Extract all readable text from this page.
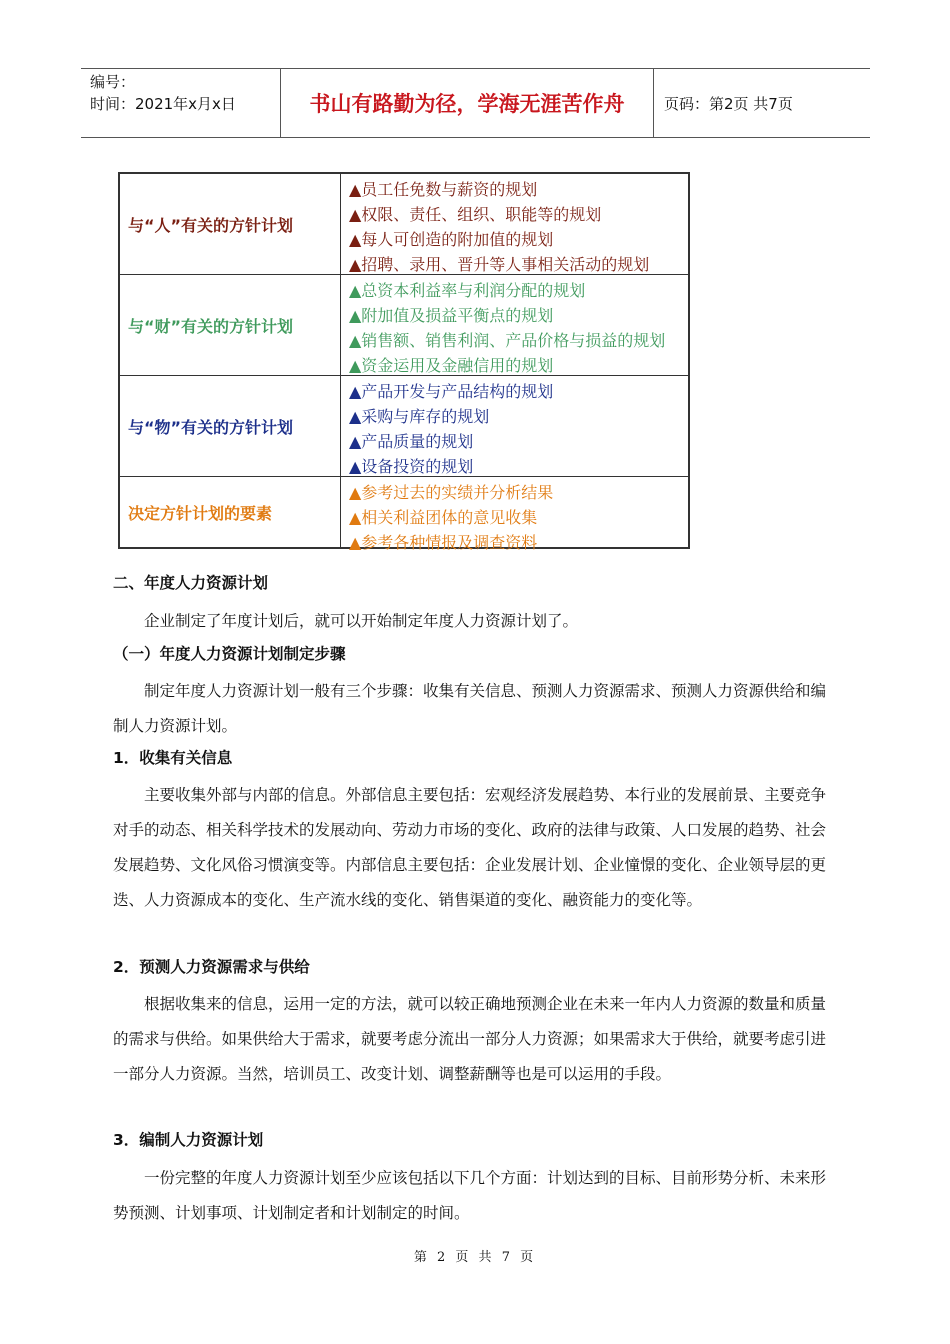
编号：
时间：2021年x月x日	书山有路勤为径，学海无涯苦作舟	页码：第2页 共7页
与“人”有关的方针计划
▲员工任免数与薪资的规划
▲权限、责任、组织、职能等的规划
▲每人可创造的附加值的规划
▲招聘、录用、晋升等人事相关活动的规划
与“财”有关的方针计划
▲总资本利益率与利润分配的规划
▲附加值及损益平衡点的规划
▲销售额、销售利润、产品价格与损益的规划
▲资金运用及金融信用的规划
与“物”有关的方针计划
▲产品开发与产品结构的规划
▲采购与库存的规划
▲产品质量的规划
▲设备投资的规划
决定方针计划的要素
▲参考过去的实绩并分析结果
▲相关利益团体的意见收集
▲参考各种情报及调查资料
二、年度人力资源计划
企业制定了年度计划后，就可以开始制定年度人力资源计划了。
（一）年度人力资源计划制定步骤
制定年度人力资源计划一般有三个步骤：收集有关信息、预测人力资源需求、预测人力资源供给和编制人力资源计划。
1．收集有关信息
主要收集外部与内部的信息。外部信息主要包括：宏观经济发展趋势、本行业的发展前景、主要竞争对手的动态、相关科学技术的发展动向、劳动力市场的变化、政府的法律与政策、人口发展的趋势、社会发展趋势、文化风俗习惯演变等。内部信息主要包括：企业发展计划、企业憧憬的变化、企业领导层的更迭、人力资源成本的变化、生产流水线的变化、销售渠道的变化、融资能力的变化等。
2．预测人力资源需求与供给
根据收集来的信息，运用一定的方法，就可以较正确地预测企业在未来一年内人力资源的数量和质量的需求与供给。如果供给大于需求，就要考虑分流出一部分人力资源；如果需求大于供给，就要考虑引进一部分人力资源。当然，培训员工、改变计划、调整薪酬等也是可以运用的手段。
3．编制人力资源计划
一份完整的年度人力资源计划至少应该包括以下几个方面：计划达到的目标、目前形势分析、未来形势预测、计划事项、计划制定者和计划制定的时间。
第 2 页 共 7 页
